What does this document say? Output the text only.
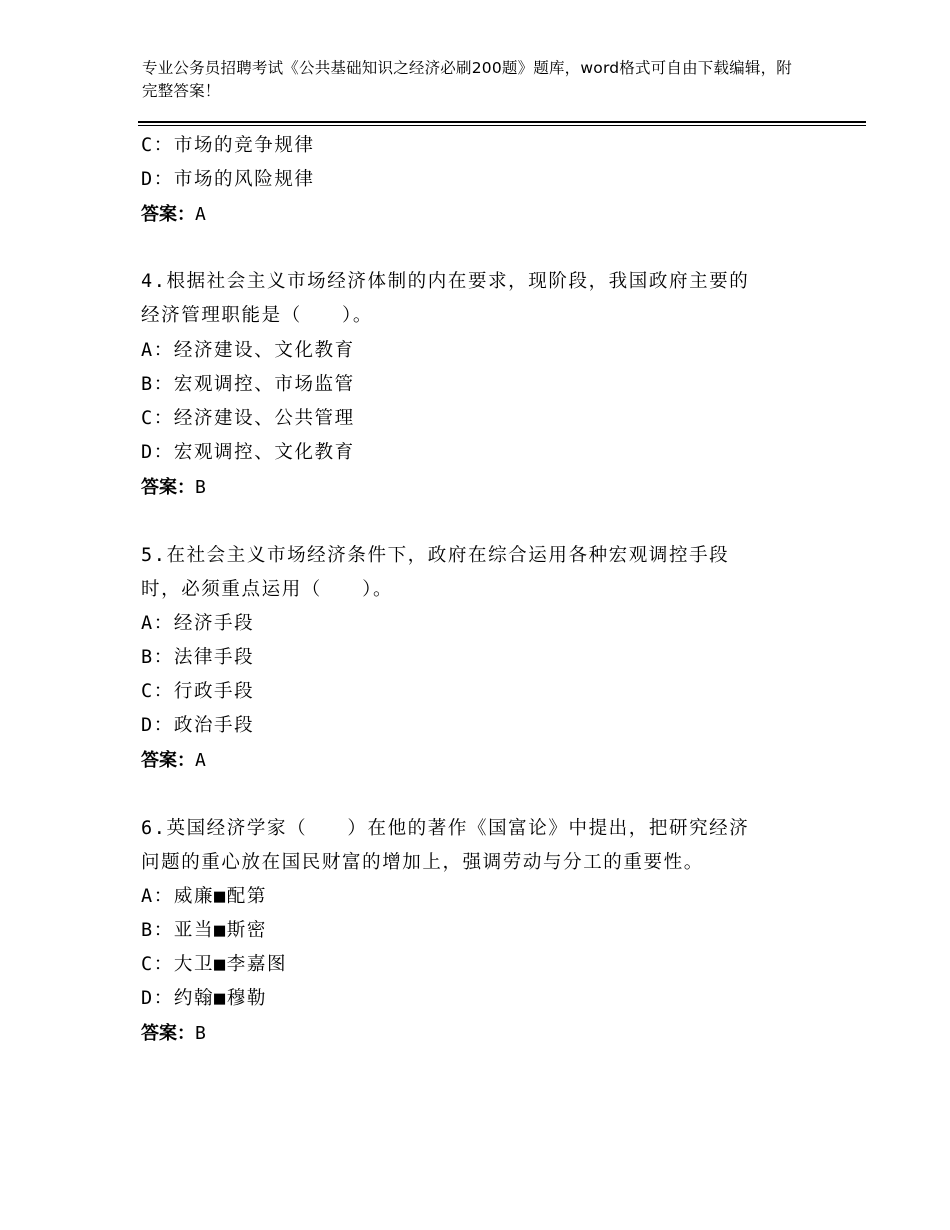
专业公务员招聘考试《公共基础知识之经济必刷200题》题库，word格式可自由下载编辑，附完整答案！
C：市场的竞争规律
D：市场的风险规律
答案：A
4.根据社会主义市场经济体制的内在要求，现阶段，我国政府主要的
经济管理职能是（　　）。
A：经济建设、文化教育
B：宏观调控、市场监管
C：经济建设、公共管理
D：宏观调控、文化教育
答案：B
5.在社会主义市场经济条件下，政府在综合运用各种宏观调控手段
时，必须重点运用（　　）。
A：经济手段
B：法律手段
C：行政手段
D：政治手段
答案：A
6.英国经济学家（　　）在他的著作《国富论》中提出，把研究经济
问题的重心放在国民财富的增加上，强调劳动与分工的重要性。
A：威廉■配第
B：亚当■斯密
C：大卫■李嘉图
D：约翰■穆勒
答案：B
